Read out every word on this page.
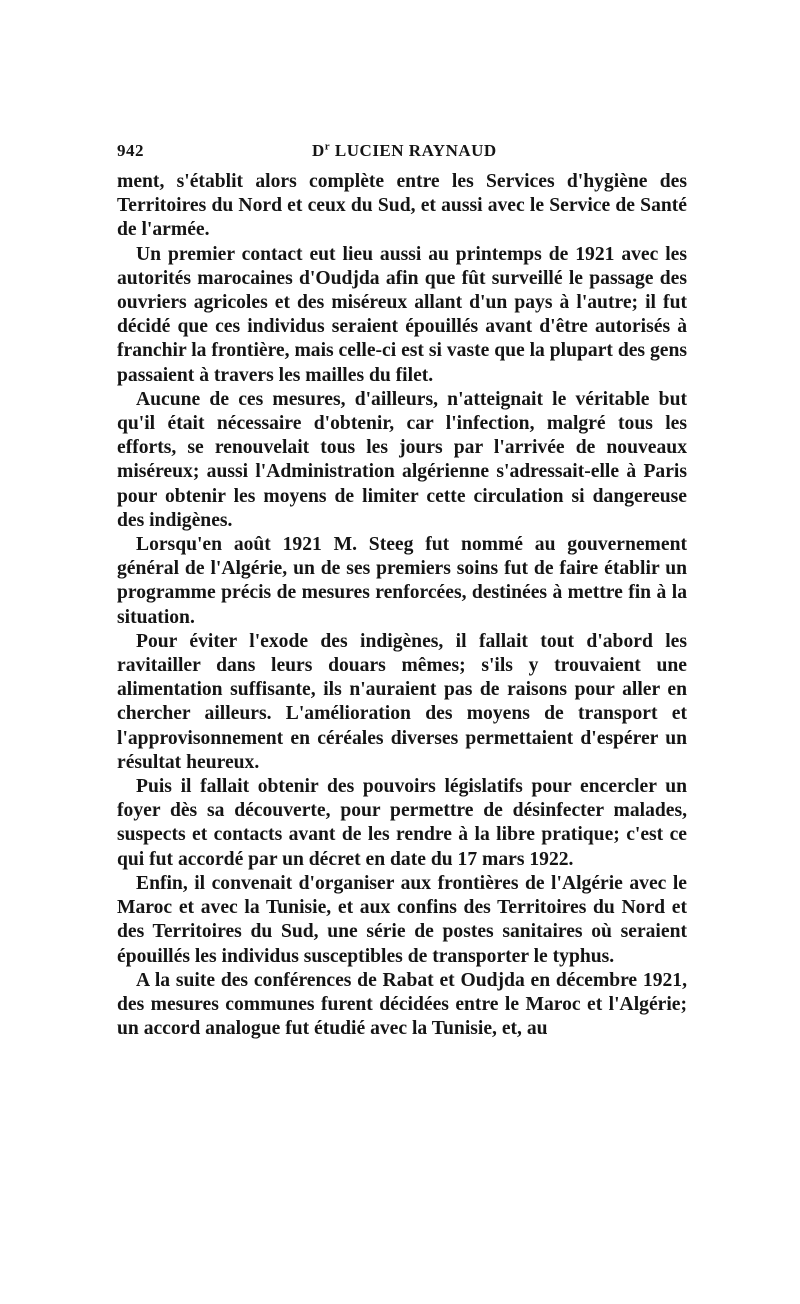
942	$D^r$ LUCIEN RAYNAUD

ment, s'établit alors complète entre les Services d'hygiène des Territoires du Nord et ceux du Sud, et aussi avec le Service de Santé de l'armée.

Un premier contact eut lieu aussi au printemps de 1921 avec les autorités marocaines d'Oudjda afin que fût surveillé le passage des ouvriers agricoles et des miséreux allant d'un pays à l'autre; il fut décidé que ces individus seraient épouillés avant d'être autorisés à franchir la frontière, mais celle-ci est si vaste que la plupart des gens passaient à travers les mailles du filet.

Aucune de ces mesures, d'ailleurs, n'atteignait le véritable but qu'il était nécessaire d'obtenir, car l'infection, malgré tous les efforts, se renouvelait tous les jours par l'arrivée de nouveaux miséreux; aussi l'Administration algérienne s'adressait-elle à Paris pour obtenir les moyens de limiter cette circulation si dangereuse des indigènes.

Lorsqu'en août 1921 M. Steeg fut nommé au gouvernement général de l'Algérie, un de ses premiers soins fut de faire établir un programme précis de mesures renforcées, destinées à mettre fin à la situation.

Pour éviter l'exode des indigènes, il fallait tout d'abord les ravitailler dans leurs douars mêmes; s'ils y trouvaient une alimentation suffisante, ils n'auraient pas de raisons pour aller en chercher ailleurs. L'amélioration des moyens de transport et l'approvisonnement en céréales diverses permettaient d'espérer un résultat heureux.

Puis il fallait obtenir des pouvoirs législatifs pour encercler un foyer dès sa découverte, pour permettre de désinfecter malades, suspects et contacts avant de les rendre à la libre pratique; c'est ce qui fut accordé par un décret en date du 17 mars 1922.

Enfin, il convenait d'organiser aux frontières de l'Algérie avec le Maroc et avec la Tunisie, et aux confins des Territoires du Nord et des Territoires du Sud, une série de postes sanitaires où seraient épouillés les individus susceptibles de transporter le typhus.

A la suite des conférences de Rabat et Oudjda en décembre 1921, des mesures communes furent décidées entre le Maroc et l'Algérie; un accord analogue fut étudié avec la Tunisie, et, au
